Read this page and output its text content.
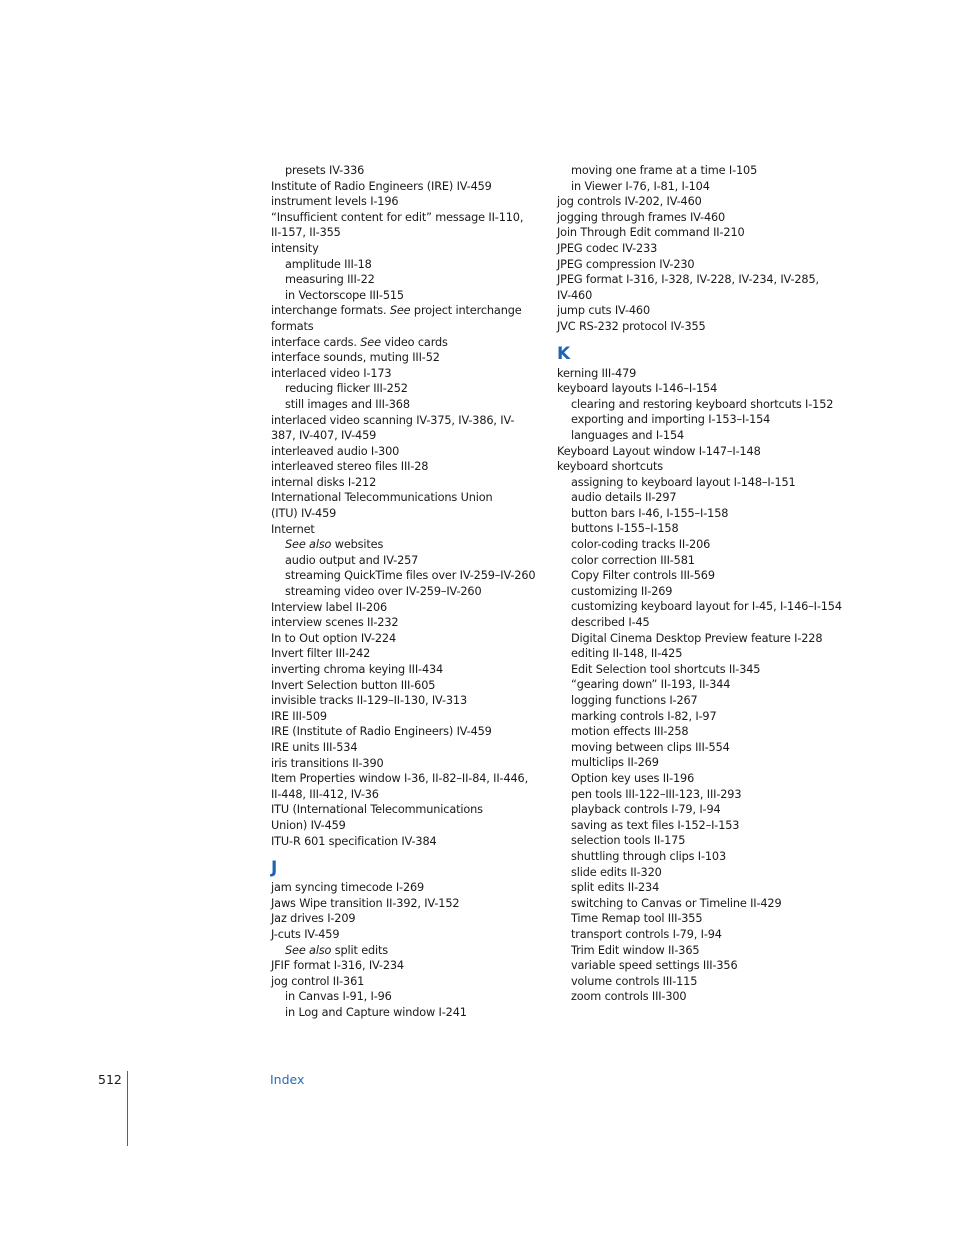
presets IV-336
Institute of Radio Engineers (IRE) IV-459
instrument levels I-196
“Insufficient content for edit” message II-110, II-157, II-355
intensity
amplitude III-18
measuring III-22
in Vectorscope III-515
interchange formats. See project interchange formats
interface cards. See video cards
interface sounds, muting III-52
interlaced video I-173
reducing flicker III-252
still images and III-368
interlaced video scanning IV-375, IV-386, IV-387, IV-407, IV-459
interleaved audio I-300
interleaved stereo files III-28
internal disks I-212
International Telecommunications Union
(ITU) IV-459
Internet
See also websites
audio output and IV-257
streaming QuickTime files over IV-259–IV-260
streaming video over IV-259–IV-260
Interview label II-206
interview scenes II-232
In to Out option IV-224
Invert filter III-242
inverting chroma keying III-434
Invert Selection button III-605
invisible tracks II-129–II-130, IV-313
IRE III-509
IRE (Institute of Radio Engineers) IV-459
IRE units III-534
iris transitions II-390
Item Properties window I-36, II-82–II-84, II-446, II-448, III-412, IV-36
ITU (International Telecommunications
Union) IV-459
ITU-R 601 specification IV-384
J
jam syncing timecode I-269
Jaws Wipe transition II-392, IV-152
Jaz drives I-209
J-cuts IV-459
See also split edits
JFIF format I-316, IV-234
jog control II-361
in Canvas I-91, I-96
in Log and Capture window I-241
moving one frame at a time I-105
in Viewer I-76, I-81, I-104
jog controls IV-202, IV-460
jogging through frames IV-460
Join Through Edit command II-210
JPEG codec IV-233
JPEG compression IV-230
JPEG format I-316, I-328, IV-228, IV-234, IV-285, IV-460
jump cuts IV-460
JVC RS-232 protocol IV-355
K
kerning III-479
keyboard layouts I-146–I-154
clearing and restoring keyboard shortcuts I-152
exporting and importing I-153–I-154
languages and I-154
Keyboard Layout window I-147–I-148
keyboard shortcuts
assigning to keyboard layout I-148–I-151
audio details II-297
button bars I-46, I-155–I-158
buttons I-155–I-158
color-coding tracks II-206
color correction III-581
Copy Filter controls III-569
customizing II-269
customizing keyboard layout for I-45, I-146–I-154
described I-45
Digital Cinema Desktop Preview feature I-228
editing II-148, II-425
Edit Selection tool shortcuts II-345
“gearing down” II-193, II-344
logging functions I-267
marking controls I-82, I-97
motion effects III-258
moving between clips III-554
multiclips II-269
Option key uses II-196
pen tools III-122–III-123, III-293
playback controls I-79, I-94
saving as text files I-152–I-153
selection tools II-175
shuttling through clips I-103
slide edits II-320
split edits II-234
switching to Canvas or Timeline II-429
Time Remap tool III-355
transport controls I-79, I-94
Trim Edit window II-365
variable speed settings III-356
volume controls III-115
zoom controls III-300
512	Index
